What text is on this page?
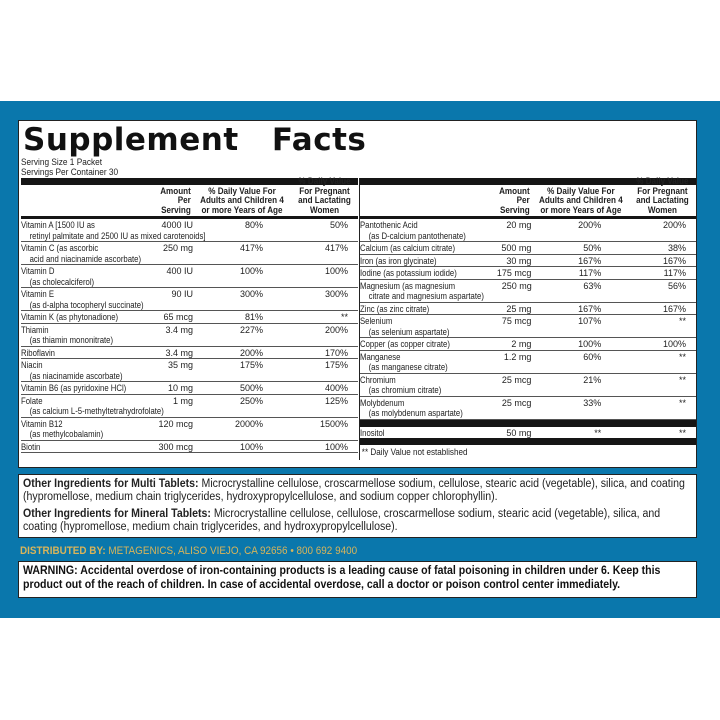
Supplement Facts
Serving Size 1 Packet
Servings Per Container 30
Amount Per Serving
% Daily Value For Adults and Children 4 or more Years of Age
% Daily Value For Pregnant and Lactating Women
Vitamin A [1500 IU as
retinyl palmitate and 2500 IU as mixed carotenoids]
4000 IU	80%	50%
Vitamin C (as ascorbic
acid and niacinamide ascorbate)
250 mg	417%	417%
Vitamin D
(as cholecalciferol)
400 IU	100%	100%
Vitamin E
(as d-alpha tocopheryl succinate)
90 IU	300%	300%
Vitamin K (as phytonadione)	65 mcg	81%	**
Thiamin
(as thiamin mononitrate)
3.4 mg	227%	200%
Riboflavin	3.4 mg	200%	170%
Niacin
(as niacinamide ascorbate)
35 mg	175%	175%
Vitamin B6 (as pyridoxine HCl)	10 mg	500%	400%
Folate
(as calcium L-5-methyltetrahydrofolate)
1 mg	250%	125%
Vitamin B12
(as methylcobalamin)
120 mcg	2000%	1500%
Biotin	300 mcg	100%	100%
Amount Per Serving
% Daily Value For Adults and Children 4 or more Years of Age
% Daily Value For Pregnant and Lactating Women
Pantothenic Acid
(as D-calcium pantothenate)
20 mg	200%	200%
Calcium (as calcium citrate)	500 mg	50%	38%
Iron (as iron glycinate)	30 mg	167%	167%
Iodine (as potassium iodide)	175 mcg	117%	117%
Magnesium (as magnesium
citrate and magnesium aspartate)
250 mg	63%	56%
Zinc (as zinc citrate)	25 mg	167%	167%
Selenium
(as selenium aspartate)
75 mcg	107%	**
Copper (as copper citrate)	2 mg	100%	100%
Manganese
(as manganese citrate)
1.2 mg	60%	**
Chromium
(as chromium citrate)
25 mcg	21%	**
Molybdenum
(as molybdenum aspartate)
25 mcg	33%	**
Inositol	50 mg	**	**
** Daily Value not established

Other Ingredients for Multi Tablets: Microcrystalline cellulose, croscarmellose sodium, cellulose, stearic acid (vegetable), silica, and coating (hypromellose, medium chain triglycerides, hydroxypropylcellulose, and sodium copper chlorophyllin).

Other Ingredients for Mineral Tablets: Microcrystalline cellulose, cellulose, croscarmellose sodium, stearic acid (vegetable), silica, and coating (hypromellose, medium chain triglycerides, and hydroxypropylcellulose).

DISTRIBUTED BY: METAGENICS, ALISO VIEJO, CA 92656 • 800 692 9400

WARNING: Accidental overdose of iron-containing products is a leading cause of fatal poisoning in children under 6. Keep this product out of the reach of children. In case of accidental overdose, call a doctor or poison control center immediately.
